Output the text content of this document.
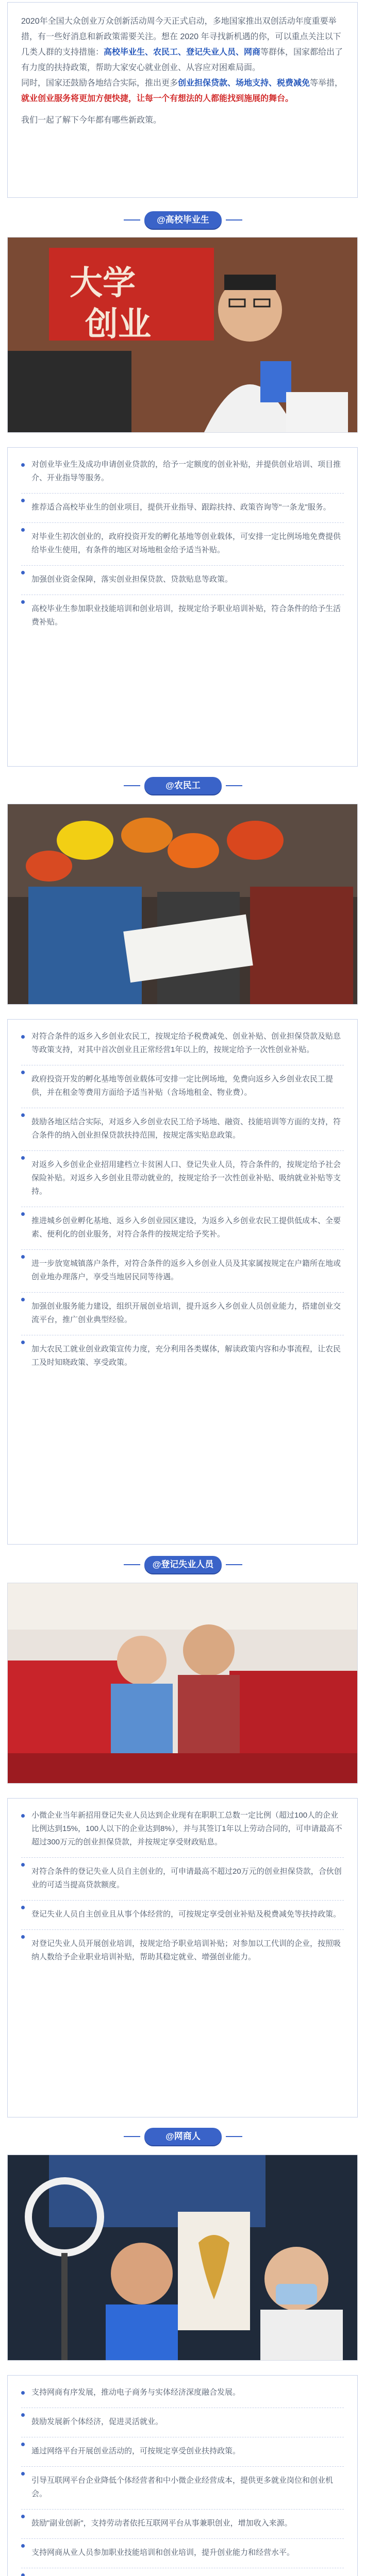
2020年全国大众创业万众创新活动周今天正式启动，多地国家推出双创活动年度重要举措，有一些好消息和新政策需要关注。想在 2020 年寻找新机遇的你，可以重点关注以下几类人群的支持措施：高校毕业生、农民工、登记失业人员、网商等群体，国家都给出了有力度的扶持政策，帮助大家安心就业创业、从容应对困难局面。

同时，国家还鼓励各地结合实际，推出更多创业担保贷款、场地支持、税费减免等举措，就业创业服务将更加方便快捷，让每一个有想法的人都能找到施展的舞台。

我们一起了解下今年都有哪些新政策。
@高校毕业生
大学
创业
对创业毕业生及成功申请创业贷款的，给予一定额度的创业补贴，并提供创业培训、项目推介、开业指导等服务。
推荐适合高校毕业生的创业项目，提供开业指导、跟踪扶持、政策咨询等"一条龙"服务。
对毕业生初次创业的，政府投资开发的孵化基地等创业载体，可安排一定比例场地免费提供给毕业生使用，有条件的地区对场地租金给予适当补贴。
加强创业资金保障，落实创业担保贷款、贷款贴息等政策。
高校毕业生参加职业技能培训和创业培训，按规定给予职业培训补贴，符合条件的给予生活费补贴。
@农民工
对符合条件的返乡入乡创业农民工，按规定给予税费减免、创业补贴、创业担保贷款及贴息等政策支持，对其中首次创业且正常经营1年以上的，按规定给予一次性创业补贴。
政府投资开发的孵化基地等创业载体可安排一定比例场地，免费向返乡入乡创业农民工提供，并在租金等费用方面给予适当补贴（含场地租金、物业费）。
鼓励各地区结合实际，对返乡入乡创业农民工给予场地、融资、技能培训等方面的支持，符合条件的纳入创业担保贷款扶持范围，按规定落实贴息政策。
对返乡入乡创业企业招用建档立卡贫困人口、登记失业人员，符合条件的，按规定给予社会保险补贴。对返乡入乡创业且带动就业的，按规定给予一次性创业补贴、吸纳就业补贴等支持。
推进城乡创业孵化基地、返乡入乡创业园区建设，为返乡入乡创业农民工提供低成本、全要素、便利化的创业服务，对符合条件的按规定给予奖补。
进一步放宽城镇落户条件，对符合条件的返乡入乡创业人员及其家属按规定在户籍所在地或创业地办理落户，享受当地居民同等待遇。
加强创业服务能力建设，组织开展创业培训，提升返乡入乡创业人员创业能力，搭建创业交流平台，推广创业典型经验。
加大农民工就业创业政策宣传力度，充分利用各类媒体，解读政策内容和办事流程，让农民工及时知晓政策、享受政策。
@登记失业人员
小微企业当年新招用登记失业人员达到企业现有在职职工总数一定比例（超过100人的企业比例达到15%，100人以下的企业达到8%），并与其签订1年以上劳动合同的，可申请最高不超过300万元的创业担保贷款，并按规定享受财政贴息。
对符合条件的登记失业人员自主创业的，可申请最高不超过20万元的创业担保贷款，合伙创业的可适当提高贷款额度。
登记失业人员自主创业且从事个体经营的，可按规定享受创业补贴及税费减免等扶持政策。
对登记失业人员开展创业培训，按规定给予职业培训补贴；对参加以工代训的企业，按照吸纳人数给予企业职业培训补贴，帮助其稳定就业、增强创业能力。
@网商人
支持网商有序发展，推动电子商务与实体经济深度融合发展。
鼓励发展新个体经济，促进灵活就业。
通过网络平台开展创业活动的，可按规定享受创业扶持政策。
引导互联网平台企业降低个体经营者和中小微企业经营成本，提供更多就业岗位和创业机会。
鼓励"副业创新"，支持劳动者依托互联网平台从事兼职创业，增加收入来源。
支持网商从业人员参加职业技能培训和创业培训，提升创业能力和经营水平。
